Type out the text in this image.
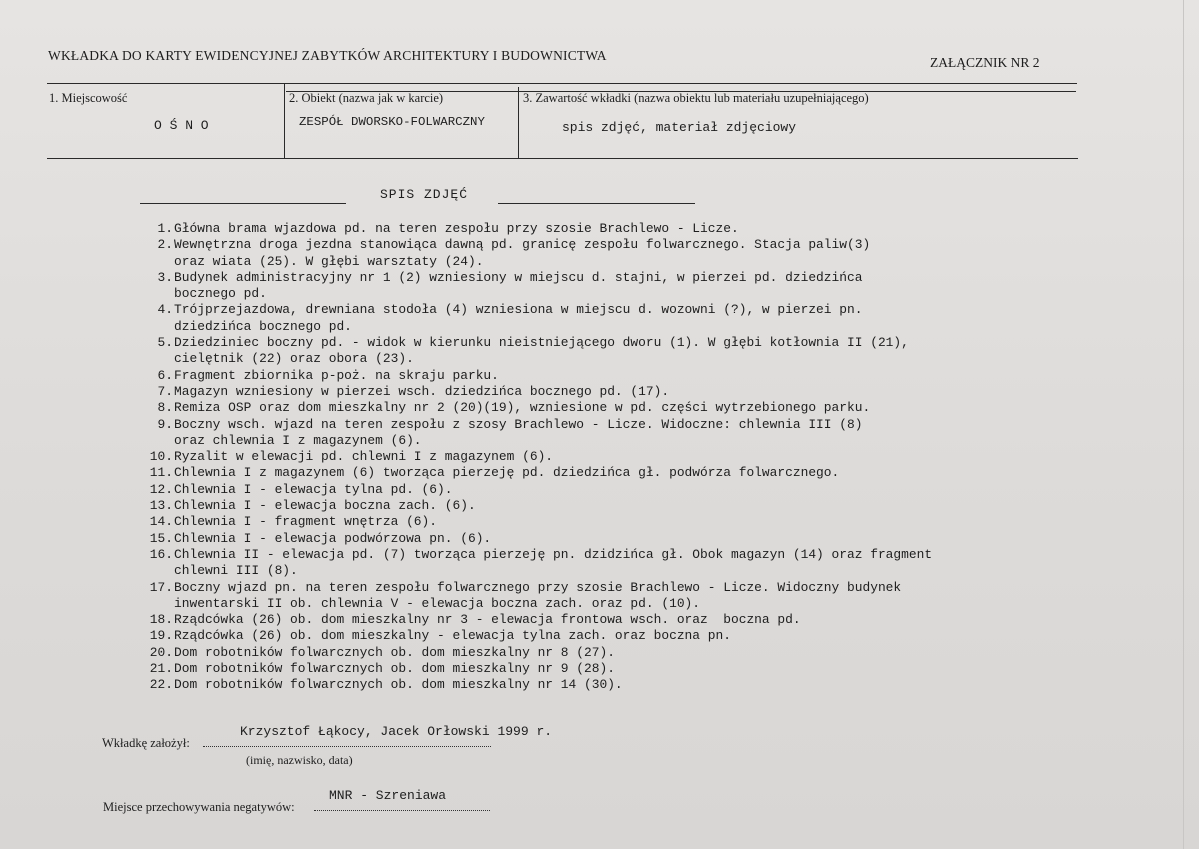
WKŁADKA DO KARTY EWIDENCYJNEJ ZABYTKÓW ARCHITEKTURY I BUDOWNICTWA	ZAŁĄCZNIK NR 2
1. Miejscowość
O Ś N O
2. Obiekt (nazwa jak w karcie)
ZESPÓŁ DWORSKO-FOLWARCZNY
3. Zawartość wkładki (nazwa obiektu lub materiału uzupełniającego)
spis zdjęć, materiał zdjęciowy
SPIS ZDJĘĆ
1. Główna brama wjazdowa pd. na teren zespołu przy szosie Brachlewo - Licze.
2. Wewnętrzna droga jezdna stanowiąca dawną pd. granicę zespołu folwarcznego. Stacja paliw(3)
oraz wiata (25). W głębi warsztaty (24).
3. Budynek administracyjny nr 1 (2) wzniesiony w miejscu d. stajni, w pierzei pd. dziedzińca
bocznego pd.
4. Trójprzejazdowa, drewniana stodoła (4) wzniesiona w miejscu d. wozowni (?), w pierzei pn.
dziedzińca bocznego pd.
5. Dziedziniec boczny pd. - widok w kierunku nieistniejącego dworu (1). W głębi kotłownia II (21),
cielętnik (22) oraz obora (23).
6. Fragment zbiornika p-poż. na skraju parku.
7. Magazyn wzniesiony w pierzei wsch. dziedzińca bocznego pd. (17).
8. Remiza OSP oraz dom mieszkalny nr 2 (20)(19), wzniesione w pd. części wytrzebionego parku.
9. Boczny wsch. wjazd na teren zespołu z szosy Brachlewo - Licze. Widoczne: chlewnia III (8)
oraz chlewnia I z magazynem (6).
10. Ryzalit w elewacji pd. chlewni I z magazynem (6).
11. Chlewnia I z magazynem (6) tworząca pierzeję pd. dziedzińca gł. podwórza folwarcznego.
12. Chlewnia I - elewacja tylna pd. (6).
13. Chlewnia I - elewacja boczna zach. (6).
14. Chlewnia I - fragment wnętrza (6).
15. Chlewnia I - elewacja podwórzowa pn. (6).
16. Chlewnia II - elewacja pd. (7) tworząca pierzeję pn. dzidzińca gł. Obok magazyn (14) oraz fragment
chlewni III (8).
17. Boczny wjazd pn. na teren zespołu folwarcznego przy szosie Brachlewo - Licze. Widoczny budynek
inwentarski II ob. chlewnia V - elewacja boczna zach. oraz pd. (10).
18. Rządcówka (26) ob. dom mieszkalny nr 3 - elewacja frontowa wsch. oraz  boczna pd.
19. Rządcówka (26) ob. dom mieszkalny - elewacja tylna zach. oraz boczna pn.
20. Dom robotników folwarcznych ob. dom mieszkalny nr 8 (27).
21. Dom robotników folwarcznych ob. dom mieszkalny nr 9 (28).
22. Dom robotników folwarcznych ob. dom mieszkalny nr 14 (30).
Wkładkę założył:
Krzysztof Łąkocy, Jacek Orłowski 1999 r.
(imię, nazwisko, data)
Miejsce przechowywania negatywów:
MNR - Szreniawa
